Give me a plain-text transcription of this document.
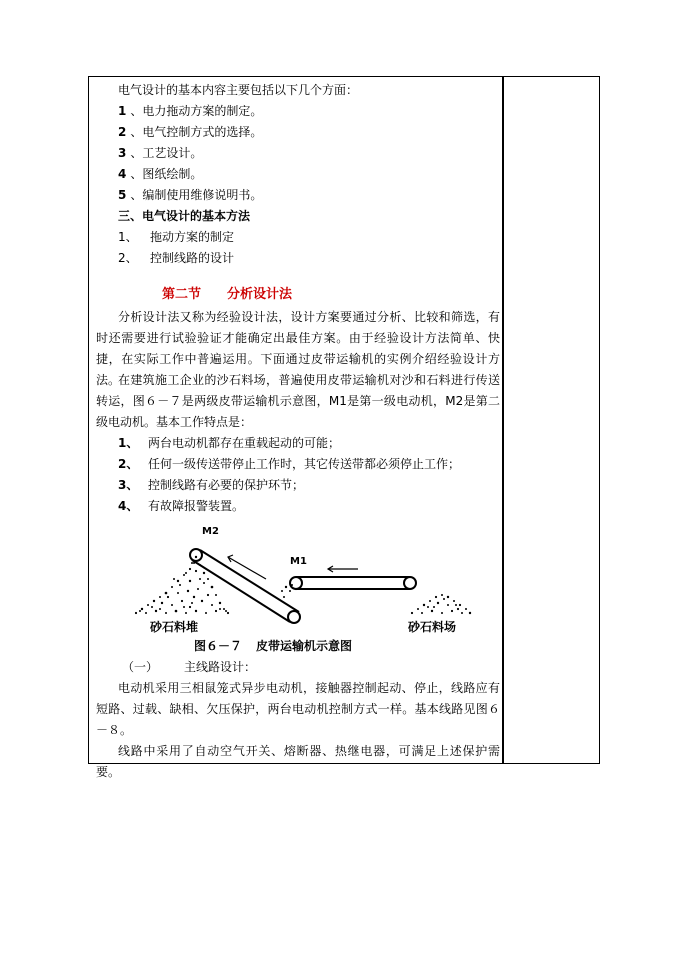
电气设计的基本内容主要包括以下几个方面：
1 、电力拖动方案的制定。
2 、电气控制方式的选择。
3 、工艺设计。
4 、图纸绘制。
5 、编制使用维修说明书。
三、电气设计的基本方法
1、 拖动方案的制定
2、 控制线路的设计
第二节 分析设计法
分析设计法又称为经验设计法，设计方案要通过分析、比较和筛选，有时还需要进行试验验证才能确定出最佳方案。由于经验设计方法简单、快捷，在实际工作中普遍运用。下面通过皮带运输机的实例介绍经验设计方法。
在建筑施工企业的沙石料场，普遍使用皮带运输机对沙和石料进行传送转运，图６－７是两级皮带运输机示意图，M1是第一级电动机，M2是第二级电动机。基本工作特点是：
1、 两台电动机都存在重载起动的可能；
2、 任何一级传送带停止工作时，其它传送带都必须停止工作；
3、 控制线路有必要的保护环节；
4、 有故障报警装置。
M2
M1
砂石料堆	砂石料场
图６－７ 皮带运输机示意图
（一） 主线路设计：
电动机采用三相鼠笼式异步电动机，接触器控制起动、停止，线路应有短路、过载、缺相、欠压保护，两台电动机控制方式一样。基本线路见图６－８。
线路中采用了自动空气开关、熔断器、热继电器，可满足上述保护需要。
